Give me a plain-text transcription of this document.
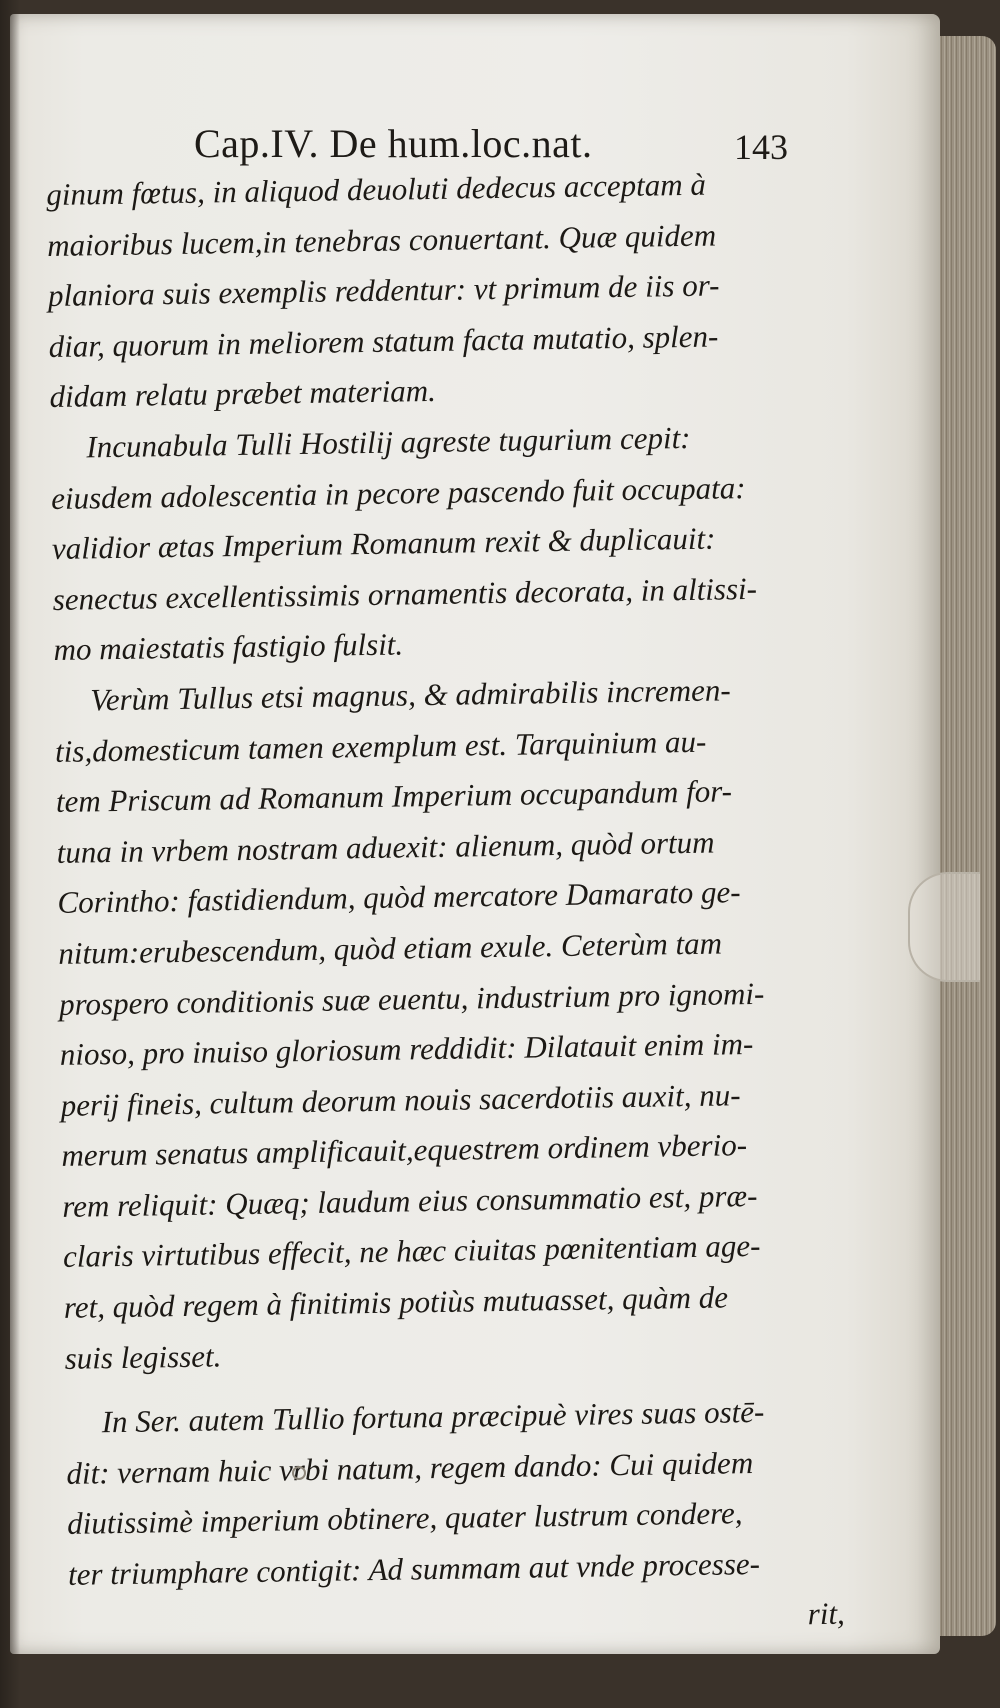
Cap.IV. De hum.loc.nat.	143
ginum fœtus, in aliquod deuoluti dedecus acceptam à
maioribus lucem,in tenebras conuertant. Quæ quidem
planiora suis exemplis reddentur: vt primum de iis or-
diar, quorum in meliorem statum facta mutatio, splen-
didam relatu præbet materiam.
Incunabula Tulli Hostilij agreste tugurium cepit:
eiusdem adolescentia in pecore pascendo fuit occupata:
validior ætas Imperium Romanum rexit & duplicauit:
senectus excellentissimis ornamentis decorata, in altissi-
mo maiestatis fastigio fulsit.
Verùm Tullus etsi magnus, & admirabilis incremen-
tis,domesticum tamen exemplum est. Tarquinium au-
tem Priscum ad Romanum Imperium occupandum for-
tuna in vrbem nostram aduexit: alienum, quòd ortum
Corintho: fastidiendum, quòd mercatore Damarato ge-
nitum:erubescendum, quòd etiam exule. Ceterùm tam
prospero conditionis suæ euentu, industrium pro ignomi-
nioso, pro inuiso gloriosum reddidit: Dilatauit enim im-
perij fineis, cultum deorum nouis sacerdotiis auxit, nu-
merum senatus amplificauit,equestrem ordinem vberio-
rem reliquit: Quæq; laudum eius consummatio est, præ-
claris virtutibus effecit, ne hæc ciuitas pœnitentiam age-
ret, quòd regem à finitimis potiùs mutuasset, quàm de
suis legisset.
In Ser. autem Tullio fortuna præcipuè vires suas ostē-
dit: vernam huic vrbi natum, regem dando: Cui quidem
diutissimè imperium obtinere, quater lustrum condere,
ter triumphare contigit: Ad summam aut vnde processe-
rit,
